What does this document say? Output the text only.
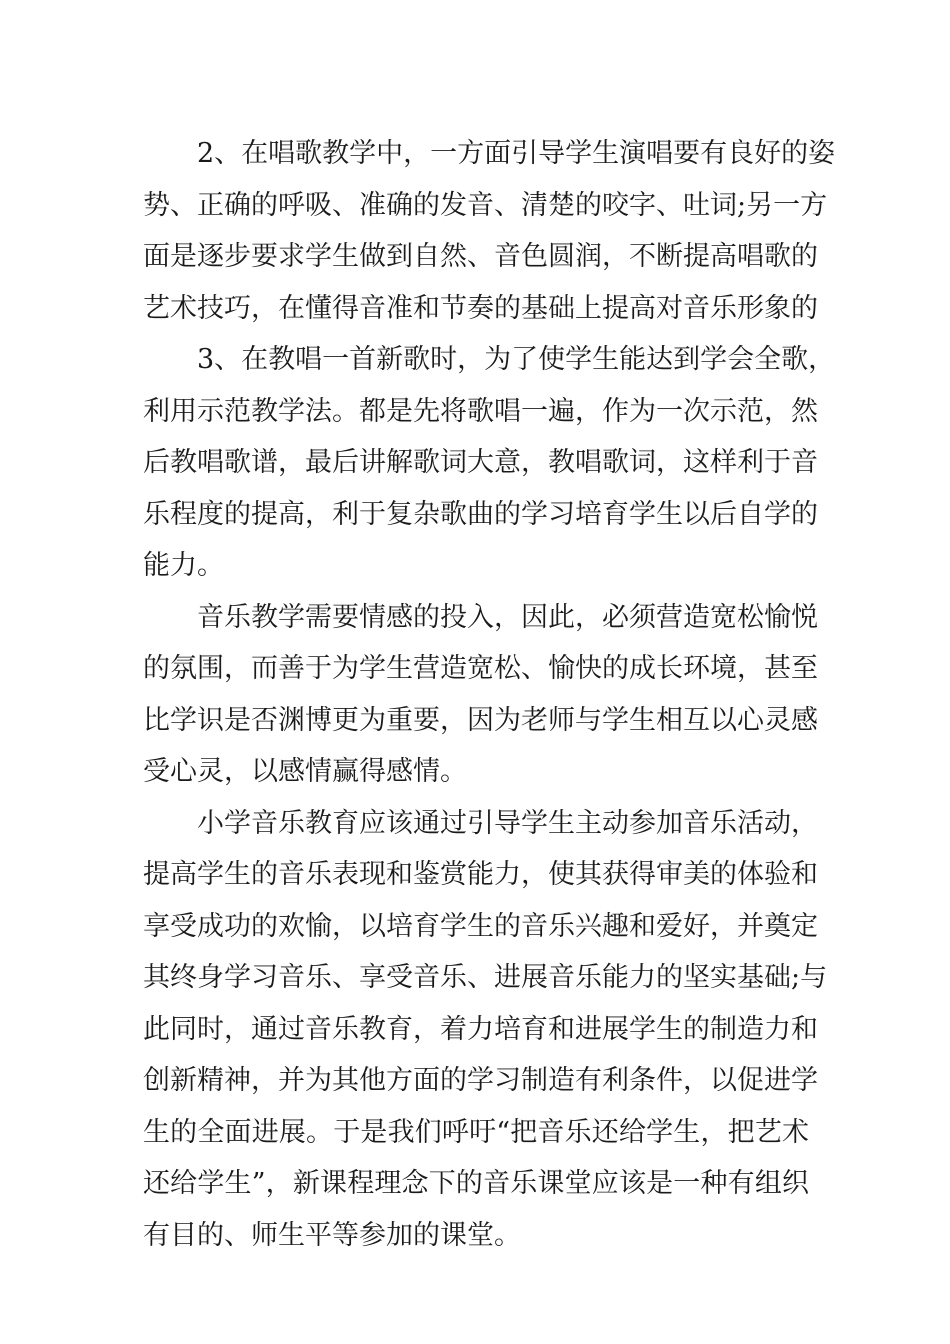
2、在唱歌教学中，一方面引导学生演唱要有良好的姿
势、正确的呼吸、准确的发音、清楚的咬字、吐词;另一方
面是逐步要求学生做到自然、音色圆润，不断提高唱歌的
艺术技巧，在懂得音准和节奏的基础上提高对音乐形象的
3、在教唱一首新歌时，为了使学生能达到学会全歌，
利用示范教学法。都是先将歌唱一遍，作为一次示范，然
后教唱歌谱，最后讲解歌词大意，教唱歌词，这样利于音
乐程度的提高，利于复杂歌曲的学习培育学生以后自学的
能力。
音乐教学需要情感的投入，因此，必须营造宽松愉悦
的氛围，而善于为学生营造宽松、愉快的成长环境，甚至
比学识是否渊博更为重要，因为老师与学生相互以心灵感
受心灵，以感情赢得感情。
小学音乐教育应该通过引导学生主动参加音乐活动，
提高学生的音乐表现和鉴赏能力，使其获得审美的体验和
享受成功的欢愉，以培育学生的音乐兴趣和爱好，并奠定
其终身学习音乐、享受音乐、进展音乐能力的坚实基础;与
此同时，通过音乐教育，着力培育和进展学生的制造力和
创新精神，并为其他方面的学习制造有利条件，以促进学
生的全面进展。于是我们呼吁“把音乐还给学生，把艺术
还给学生”，新课程理念下的音乐课堂应该是一种有组织
有目的、师生平等参加的课堂。
